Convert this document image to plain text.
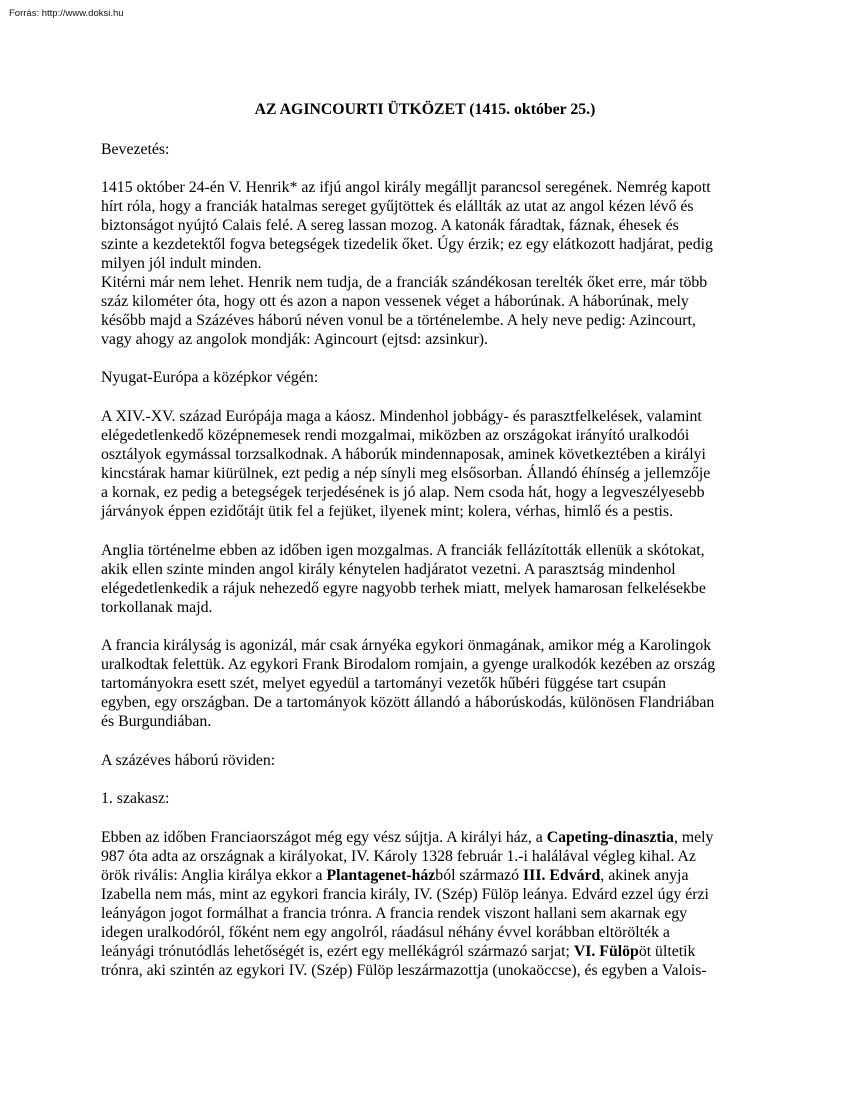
Forrás: http://www.doksi.hu
AZ AGINCOURTI ÜTKÖZET (1415. október 25.)
Bevezetés:
1415 október 24-én V. Henrik* az ifjú angol király megálljt parancsol seregének. Nemrég kapott
hírt róla, hogy a franciák hatalmas sereget gyűjtöttek és elállták az utat az angol kézen lévő és
biztonságot nyújtó Calais felé. A sereg lassan mozog. A katonák fáradtak, fáznak, éhesek és
szinte a kezdetektől fogva betegségek tizedelik őket. Úgy érzik; ez egy elátkozott hadjárat, pedig
milyen jól indult minden.
Kitérni már nem lehet. Henrik nem tudja, de a franciák szándékosan terelték őket erre, már több
száz kilométer óta, hogy ott és azon a napon vessenek véget a háborúnak. A háborúnak, mely
később majd a Százéves háború néven vonul be a történelembe. A hely neve pedig: Azincourt,
vagy ahogy az angolok mondják: Agincourt (ejtsd: azsinkur).
Nyugat-Európa a középkor végén:
A XIV.-XV. század Európája maga a káosz. Mindenhol jobbágy- és parasztfelkelések, valamint
elégedetlenkedő középnemesek rendi mozgalmai, miközben az országokat irányító uralkodói
osztályok egymással torzsalkodnak. A háborúk mindennaposak, aminek következtében a királyi
kincstárak hamar kiürülnek, ezt pedig a nép sínyli meg elsősorban. Állandó éhínség a jellemzője
a kornak, ez pedig a betegségek terjedésének is jó alap. Nem csoda hát, hogy a legveszélyesebb
járványok éppen ezidőtájt ütik fel a fejüket, ilyenek mint; kolera, vérhas, himlő és a pestis.
Anglia történelme ebben az időben igen mozgalmas. A franciák fellázították ellenük a skótokat,
akik ellen szinte minden angol király kénytelen hadjáratot vezetni. A parasztság mindenhol
elégedetlenkedik a rájuk nehezedő egyre nagyobb terhek miatt, melyek hamarosan felkelésekbe
torkollanak majd.
A francia királyság is agonizál, már csak árnyéka egykori önmagának, amikor még a Karolingok
uralkodtak felettük. Az egykori Frank Birodalom romjain, a gyenge uralkodók kezében az ország
tartományokra esett szét, melyet egyedül a tartományi vezetők hűbéri függése tart csupán
egyben, egy országban. De a tartományok között állandó a háborúskodás, különösen Flandriában
és Burgundiában.
A százéves háború röviden:
1. szakasz:
Ebben az időben Franciaországot még egy vész sújtja. A királyi ház, a Capeting-dinasztia, mely
987 óta adta az országnak a királyokat, IV. Károly 1328 február 1.-i halálával végleg kihal. Az
örök rivális: Anglia királya ekkor a Plantagenet-házból származó III. Edvárd, akinek anyja
Izabella nem más, mint az egykori francia király, IV. (Szép) Fülöp leánya. Edvárd ezzel úgy érzi
leányágon jogot formálhat a francia trónra. A francia rendek viszont hallani sem akarnak egy
idegen uralkodóról, főként nem egy angolról, ráadásul néhány évvel korábban eltörölték a
leányági trónutódlás lehetőségét is, ezért egy mellékágról származó sarjat; VI. Fülöpöt ültetik
trónra, aki szintén az egykori IV. (Szép) Fülöp leszármazottja (unokaöccse), és egyben a Valois-
